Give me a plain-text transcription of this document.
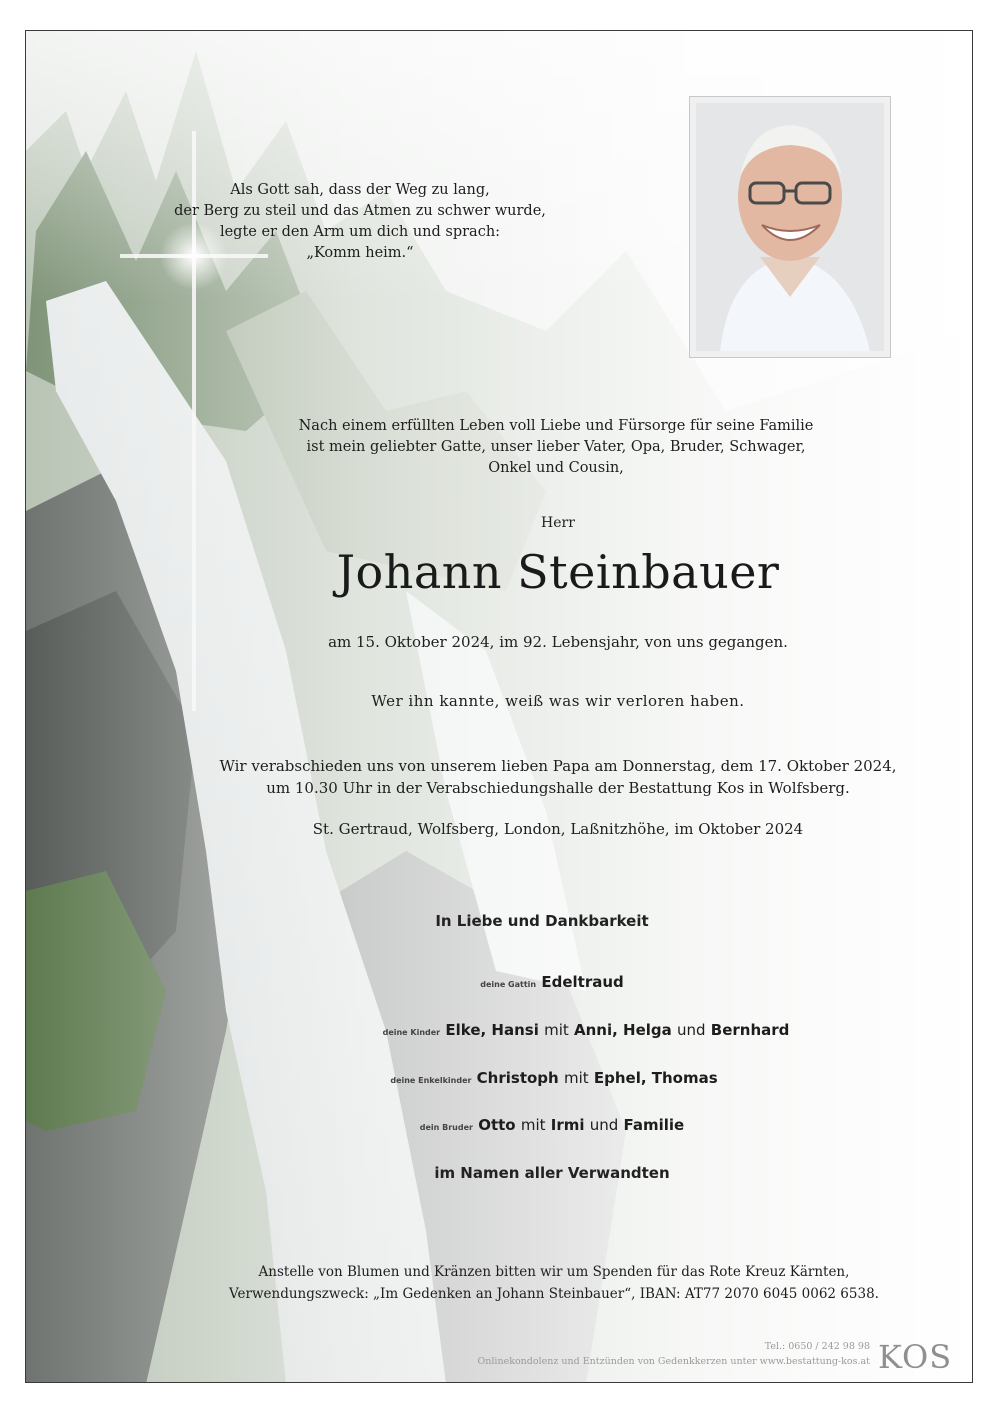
Als Gott sah, dass der Weg zu lang,
der Berg zu steil und das Atmen zu schwer wurde,
legte er den Arm um dich und sprach:
„Komm heim.“
Nach einem erfüllten Leben voll Liebe und Fürsorge für seine Familie
ist mein geliebter Gatte, unser lieber Vater, Opa, Bruder, Schwager,
Onkel und Cousin,
Herr
Johann Steinbauer
am 15. Oktober 2024, im 92. Lebensjahr, von uns gegangen.
Wer ihn kannte, weiß was wir verloren haben.
Wir verabschieden uns von unserem lieben Papa am Donnerstag, dem 17. Oktober 2024,
um 10.30 Uhr in der Verabschiedungshalle der Bestattung Kos in Wolfsberg.
St. Gertraud, Wolfsberg, London, Laßnitzhöhe, im Oktober 2024
In Liebe und Dankbarkeit
deine Gattin Edeltraud
deine Kinder Elke, Hansi mit Anni, Helga und Bernhard
deine Enkelkinder Christoph mit Ephel, Thomas
dein Bruder Otto mit Irmi und Familie
im Namen aller Verwandten
Anstelle von Blumen und Kränzen bitten wir um Spenden für das Rote Kreuz Kärnten,
Verwendungszweck: „Im Gedenken an Johann Steinbauer“, IBAN: AT77 2070 6045 0062 6538.
Tel.: 0650 / 242 98 98
Onlinekondolenz und Entzünden von Gedenkkerzen unter www.bestattung-kos.at KOS
